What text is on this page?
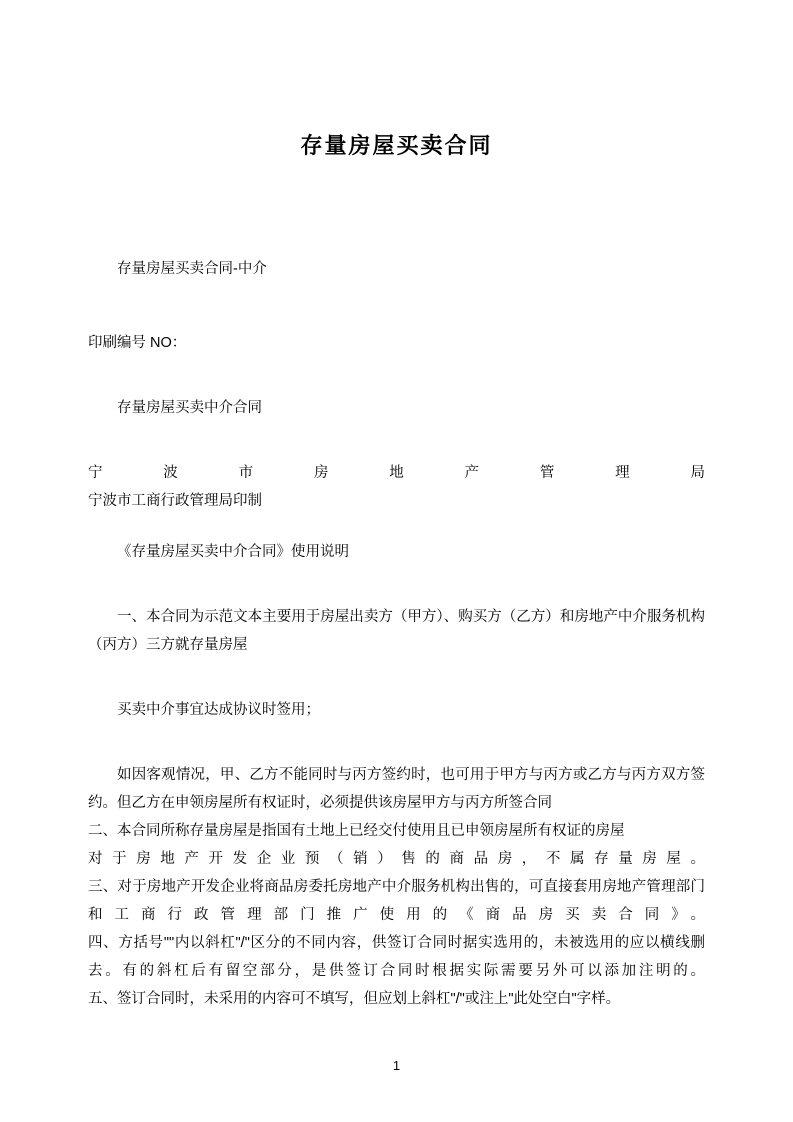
存量房屋买卖合同

存量房屋买卖合同-中介

印刷编号 NO：

存量房屋买卖中介合同

宁波市房地产管理局

宁波市工商行政管理局印制

《存量房屋买卖中介合同》使用说明

一、本合同为示范文本主要用于房屋出卖方（甲方）、购买方（乙方）和房地产中介服务机构（丙方）三方就存量房屋

买卖中介事宜达成协议时签用；

如因客观情况，甲、乙方不能同时与丙方签约时，也可用于甲方与丙方或乙方与丙方双方签约。但乙方在申领房屋所有权证时，必须提供该房屋甲方与丙方所签合同

二、本合同所称存量房屋是指国有土地上已经交付使用且已申领房屋所有权证的房屋

对于房地产开发企业预（销）售的商品房，不属存量房屋。

三、对于房地产开发企业将商品房委托房地产中介服务机构出售的，可直接套用房地产管理部门和工商行政管理部门推广使用的《商品房买卖合同》。

四、方括号""内以斜杠"/"区分的不同内容，供签订合同时据实选用的，未被选用的应以横线删去。有的斜杠后有留空部分，是供签订合同时根据实际需要另外可以添加注明的。

五、签订合同时，未采用的内容可不填写，但应划上斜杠"/"或注上"此处空白"字样。

1
